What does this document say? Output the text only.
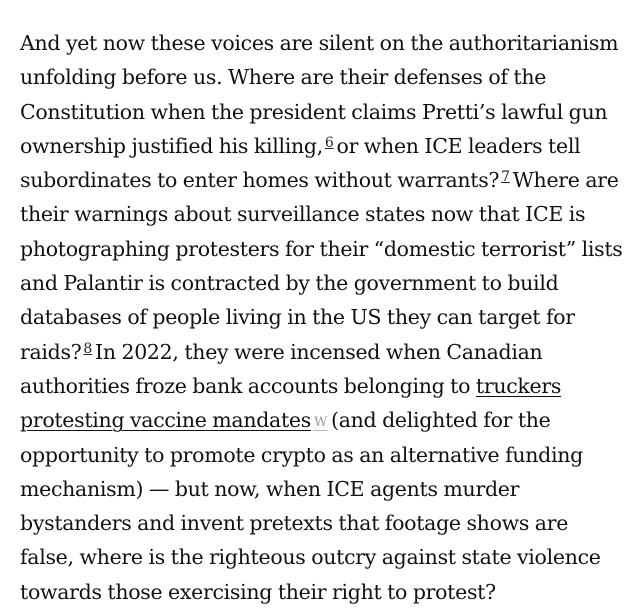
And yet now these voices are silent on the authoritarianism unfolding before us. Where are their defenses of the Constitution when the president claims Pretti’s lawful gun ownership justified his killing, $^6$ or when ICE leaders tell subordinates to enter homes without warrants? $^7$ Where are their warnings about surveillance states now that ICE is photographing protesters for their “domestic terrorist” lists and Palantir is contracted by the government to build databases of people living in the US they can target for raids? $^8$ In 2022, they were incensed when Canadian authorities froze bank accounts belonging to truckers protesting vaccine mandates W (and delighted for the opportunity to promote crypto as an alternative funding mechanism) — but now, when ICE agents murder bystanders and invent pretexts that footage shows are false, where is the righteous outcry against state violence towards those exercising their right to protest?
